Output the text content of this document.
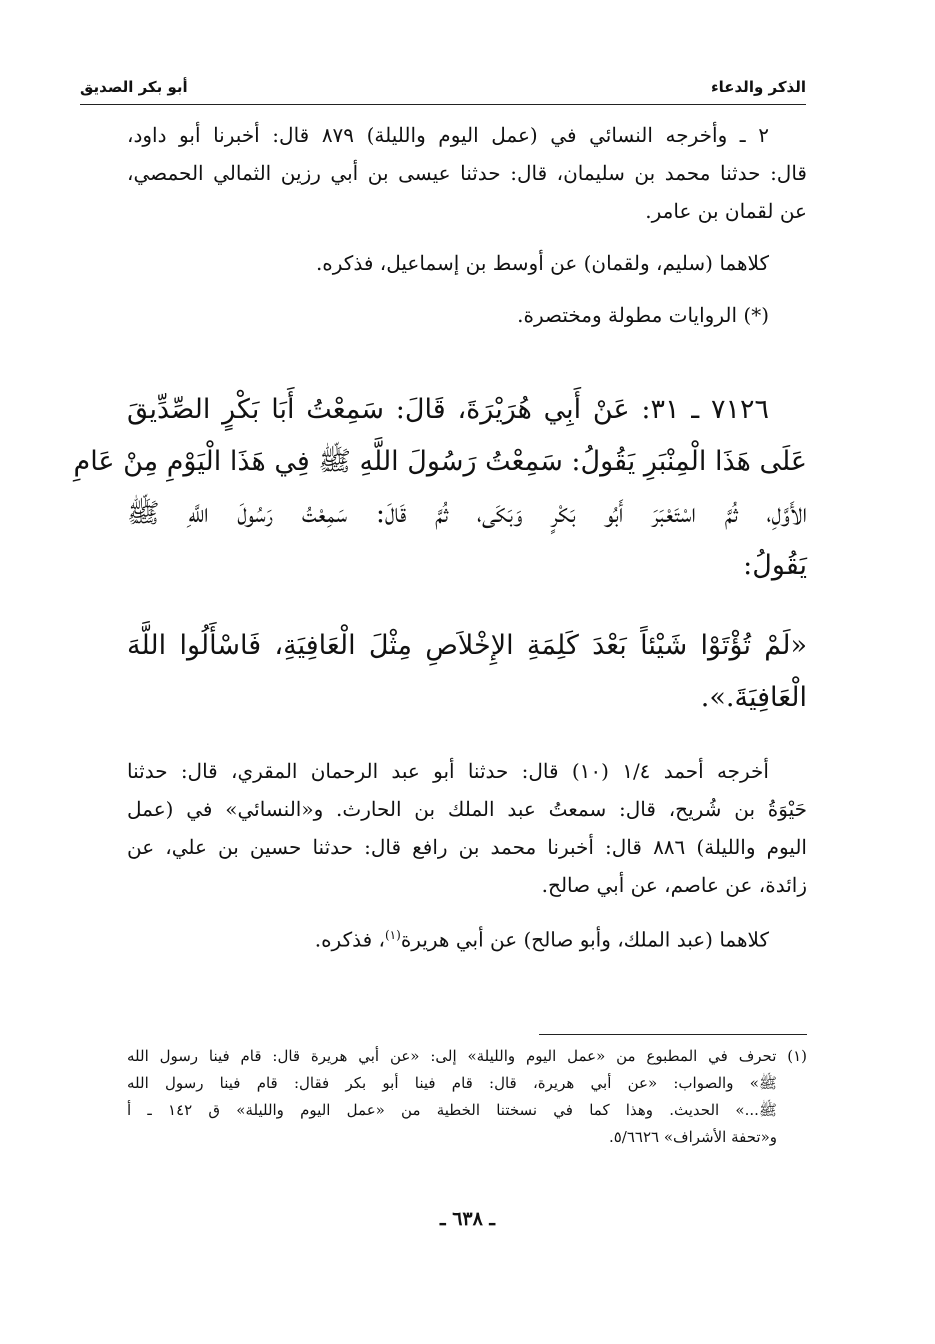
الذكر والدعاء
أبو بكر الصديق
٢ ـ وأخرجه النسائي في (عمل اليوم والليلة) ٨٧٩ قال: أخبرنا أبو داود،
قال: حدثنا محمد بن سليمان، قال: حدثنا عيسى بن أبي رزين الثمالي الحمصي،
عن لقمان بن عامر.
كلاهما (سليم، ولقمان) عن أوسط بن إسماعيل، فذكره.
(*) الروايات مطولة ومختصرة.
٧١٢٦ ـ ٣١: عَنْ أَبِي هُرَيْرَةَ، قَالَ: سَمِعْتُ أَبَا بَكْرٍ الصِّدِّيقَ
عَلَى هَذَا الْمِنْبَرِ يَقُولُ: سَمِعْتُ رَسُولَ اللَّهِ ﷺ فِي هَذَا الْيَوْمِ مِنْ عَامِ
الأَوَّلِ، ثُمَّ اسْتَعْبَرَ أَبُو بَكْرٍ وَبَكَى، ثُمَّ قَالَ: سَمِعْتُ رَسُولَ اللَّهِ ﷺ
يَقُولُ:
«لَمْ تُؤْتَوْا شَيْئاً بَعْدَ كَلِمَةِ الإِخْلاَصِ مِثْلَ الْعَافِيَةِ، فَاسْأَلُوا اللَّهَ
الْعَافِيَةَ.».
أخرجه أحمد ١/٤ (١٠) قال: حدثنا أبو عبد الرحمان المقري، قال: حدثنا
حَيْوَةُ بن شُريح، قال: سمعتُ عبد الملك بن الحارث. و«النسائي» في (عمل
اليوم والليلة) ٨٨٦ قال: أخبرنا محمد بن رافع قال: حدثنا حسين بن علي، عن
زائدة، عن عاصم، عن أبي صالح.
كلاهما (عبد الملك، وأبو صالح) عن أبي هريرة$^{(١)}$، فذكره.
(١) تحرف في المطبوع من «عمل اليوم والليلة» إلى: «عن أبي هريرة قال: قام فينا رسول الله
ﷺ» والصواب: «عن أبي هريرة، قال: قام فينا أبو بكر فقال: قام فينا رسول الله
ﷺ...» الحديث. وهذا كما في نسختنا الخطية من «عمل اليوم والليلة» ق ١٤٢ ـ أ
و«تحفة الأشراف» ٥/٦٦٢٦.
ـ ٦٣٨ ـ
